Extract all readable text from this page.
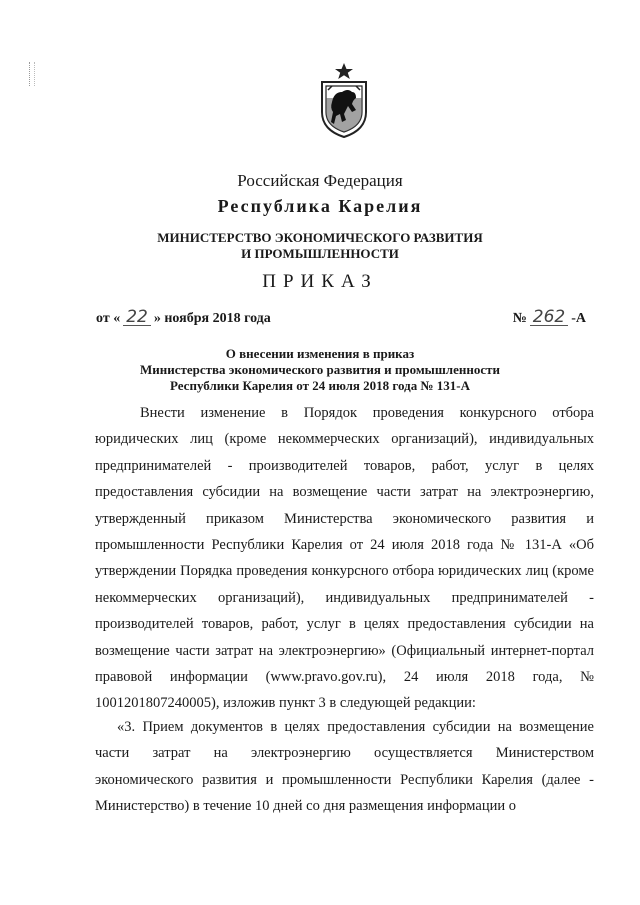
Российская Федерация
Республика Карелия
МИНИСТЕРСТВО ЭКОНОМИЧЕСКОГО РАЗВИТИЯ
И ПРОМЫШЛЕННОСТИ
ПРИКАЗ
от « 22 » ноября 2018 года	№ 262 -А
О внесении изменения в приказ
Министерства экономического развития и промышленности
Республики Карелия от 24 июля 2018 года № 131-А

Внести изменение в Порядок проведения конкурсного отбора юридических лиц (кроме некоммерческих организаций), индивидуальных предпринимателей - производителей товаров, работ, услуг в целях предоставления субсидии на возмещение части затрат на электроэнергию, утвержденный приказом Министерства экономического развития и промышленности Республики Карелия от 24 июля 2018 года № 131-А «Об утверждении Порядка проведения конкурсного отбора юридических лиц (кроме некоммерческих организаций), индивидуальных предпринимателей - производителей товаров, работ, услуг в целях предоставления субсидии на возмещение части затрат на электроэнергию» (Официальный интернет-портал правовой информации (www.pravo.gov.ru), 24 июля 2018 года, № 1001201807240005), изложив пункт 3 в следующей редакции:

«3. Прием документов в целях предоставления субсидии на возмещение части затрат на электроэнергию осуществляется Министерством экономического развития и промышленности Республики Карелия (далее - Министерство) в течение 10 дней со дня размещения информации о
